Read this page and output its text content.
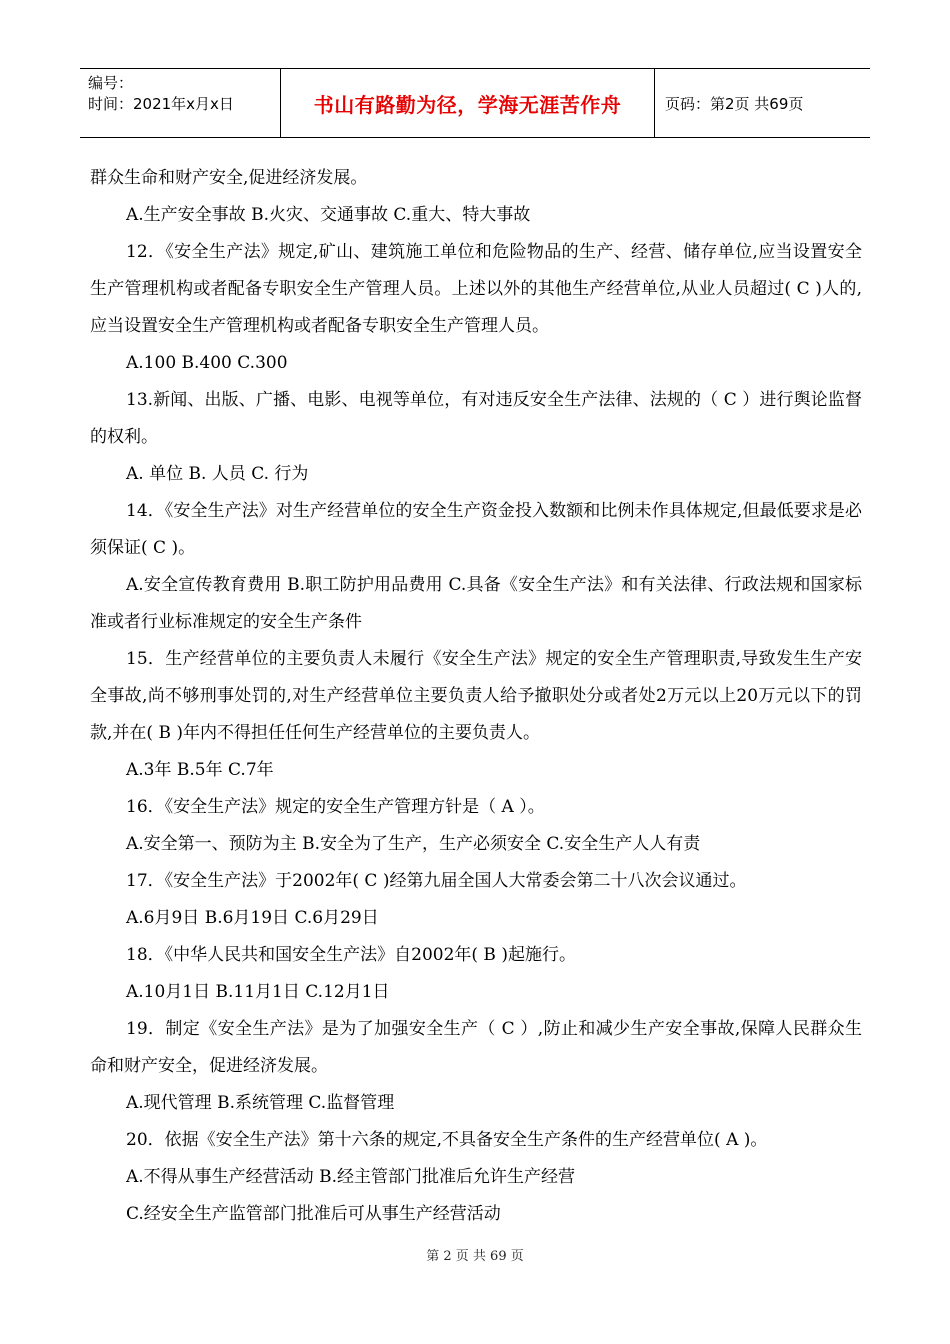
编号：
时间：2021年x月x日	书山有路勤为径，学海无涯苦作舟	页码：第2页 共69页

群众生命和财产安全,促进经济发展。

A.生产安全事故 B.火灾、交通事故 C.重大、特大事故

12．《安全生产法》规定,矿山、建筑施工单位和危险物品的生产、经营、储存单位,应当设置安全生产管理机构或者配备专职安全生产管理人员。上述以外的其他生产经营单位,从业人员超过( C )人的,应当设置安全生产管理机构或者配备专职安全生产管理人员。

A.100 B.400 C.300

13.新闻、出版、广播、电影、电视等单位，有对违反安全生产法律、法规的（ C ）进行舆论监督的权利。

A. 单位 B. 人员 C. 行为

14．《安全生产法》对生产经营单位的安全生产资金投入数额和比例未作具体规定,但最低要求是必须保证( C )。

A.安全宣传教育费用 B.职工防护用品费用 C.具备《安全生产法》和有关法律、行政法规和国家标准或者行业标准规定的安全生产条件

15．生产经营单位的主要负责人未履行《安全生产法》规定的安全生产管理职责,导致发生生产安全事故,尚不够刑事处罚的,对生产经营单位主要负责人给予撤职处分或者处2万元以上20万元以下的罚款,并在( B )年内不得担任任何生产经营单位的主要负责人。

A.3年 B.5年 C.7年

16．《安全生产法》规定的安全生产管理方针是（ A ）。

A.安全第一、预防为主 B.安全为了生产，生产必须安全 C.安全生产人人有责

17．《安全生产法》于2002年( C )经第九届全国人大常委会第二十八次会议通过。

A.6月9日 B.6月19日 C.6月29日

18．《中华人民共和国安全生产法》自2002年( B )起施行。

A.10月1日 B.11月1日 C.12月1日

19．制定《安全生产法》是为了加强安全生产（ C ）,防止和减少生产安全事故,保障人民群众生命和财产安全，促进经济发展。

A.现代管理 B.系统管理 C.监督管理

20．依据《安全生产法》第十六条的规定,不具备安全生产条件的生产经营单位( A )。

A.不得从事生产经营活动 B.经主管部门批准后允许生产经营

C.经安全生产监管部门批准后可从事生产经营活动

第 2 页 共 69 页
